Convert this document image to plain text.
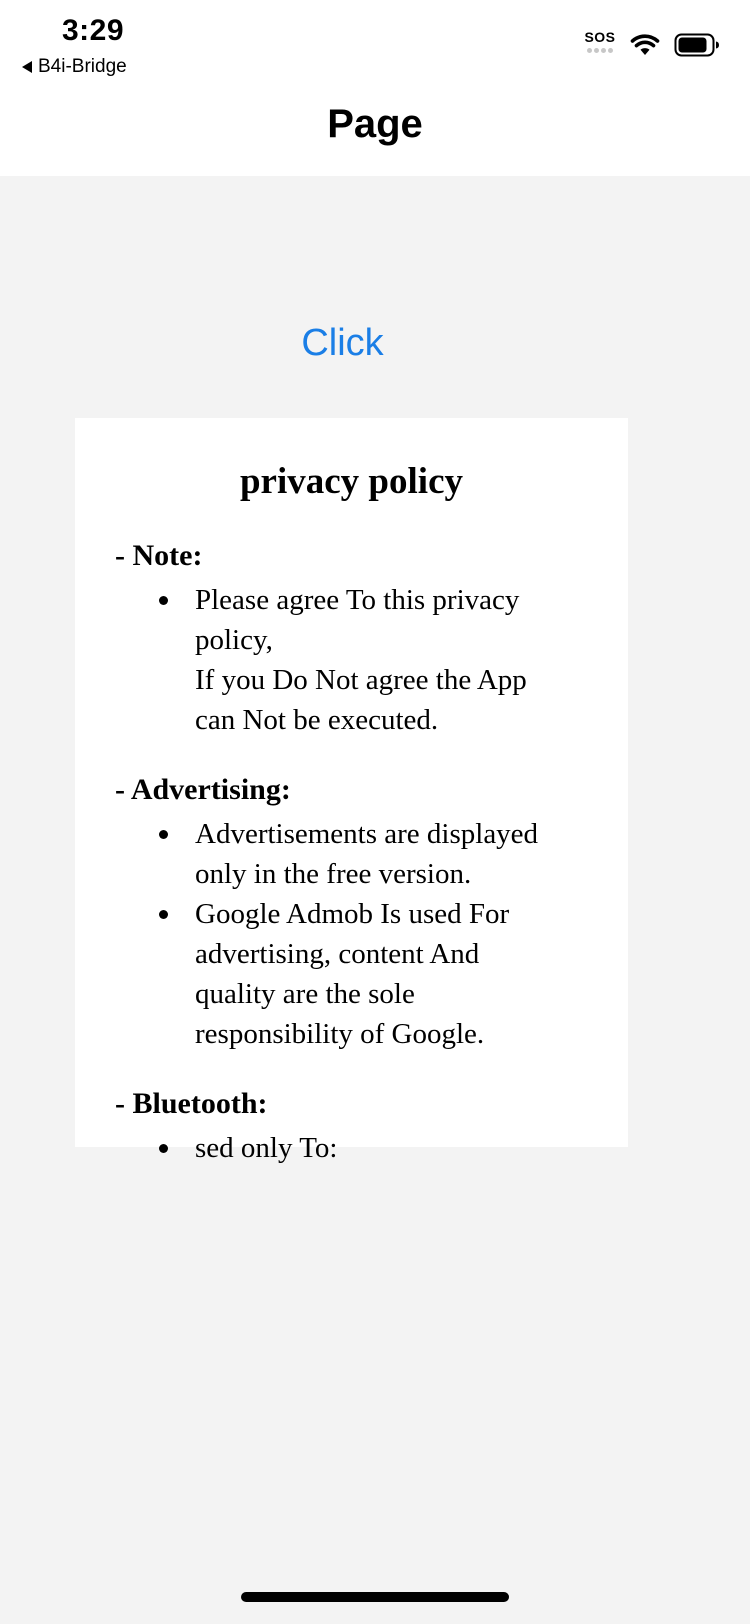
3:29
B4i-Bridge
SOS
Page
Click
privacy policy

- Note:

Please agree To this privacy
policy,
If you Do Not agree the App
can Not be executed.

- Advertising:

Advertisements are displayed
only in the free version.
Google Admob Is used For
advertising, content And
quality are the sole
responsibility of Google.

- Bluetooth:

sed only To:
